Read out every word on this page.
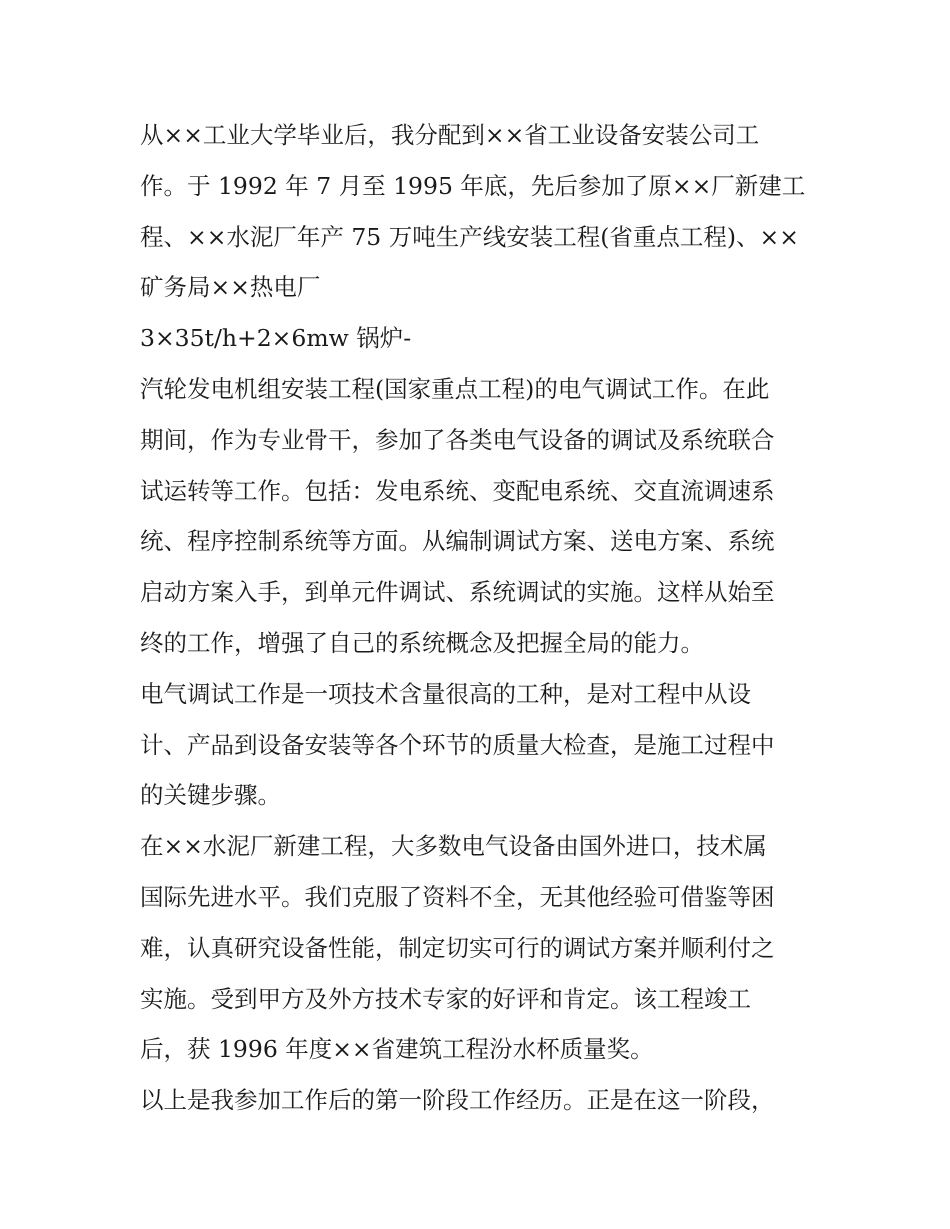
从××工业大学毕业后，我分配到××省工业设备安装公司工
作。于 1992 年 7 月至 1995 年底，先后参加了原××厂新建工
程、××水泥厂年产 75 万吨生产线安装工程(省重点工程)、××
矿务局××热电厂
3×35t/h+2×6mw 锅炉-
汽轮发电机组安装工程(国家重点工程)的电气调试工作。在此
期间，作为专业骨干，参加了各类电气设备的调试及系统联合
试运转等工作。包括：发电系统、变配电系统、交直流调速系
统、程序控制系统等方面。从编制调试方案、送电方案、系统
启动方案入手，到单元件调试、系统调试的实施。这样从始至
终的工作，增强了自己的系统概念及把握全局的能力。
电气调试工作是一项技术含量很高的工种，是对工程中从设
计、产品到设备安装等各个环节的质量大检查，是施工过程中
的关键步骤。
在××水泥厂新建工程，大多数电气设备由国外进口，技术属
国际先进水平。我们克服了资料不全，无其他经验可借鉴等困
难，认真研究设备性能，制定切实可行的调试方案并顺利付之
实施。受到甲方及外方技术专家的好评和肯定。该工程竣工
后，获 1996 年度××省建筑工程汾水杯质量奖。
以上是我参加工作后的第一阶段工作经历。正是在这一阶段，
